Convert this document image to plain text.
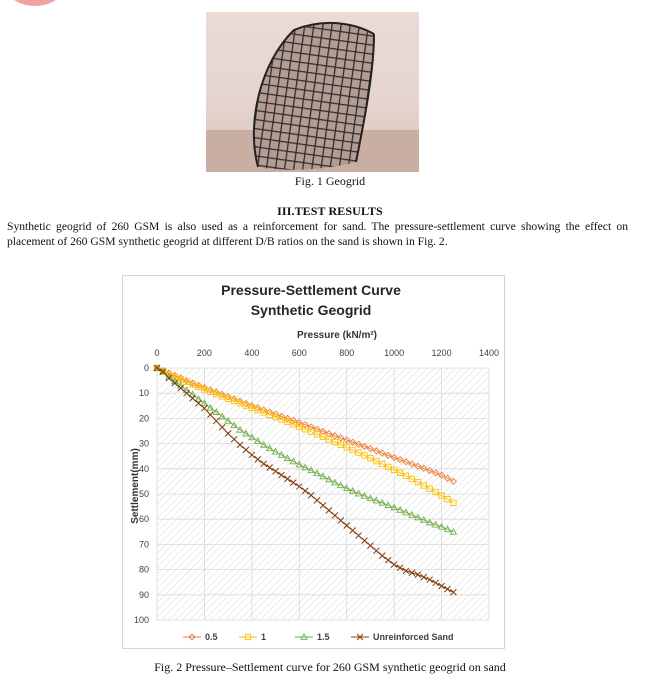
Fig. 1 Geogrid
III.TEST RESULTS
Synthetic geogrid of 260 GSM is also used as a reinforcement for sand. The pressure-settlement curve showing the effect on placement of 260 GSM synthetic geogrid at different D/B ratios on the sand is shown in Fig. 2.
Pressure-Settlement Curve
Synthetic Geogrid
Pressure (kN/m²)
Settlement(mm)
0	200	400	600	800	1000	1200	1400
0
10
20
30
40
50
60
70
80
90
100
0.5	1	1.5	Unreinforced Sand
Fig. 2 Pressure–Settlement curve for 260 GSM synthetic geogrid on sand
